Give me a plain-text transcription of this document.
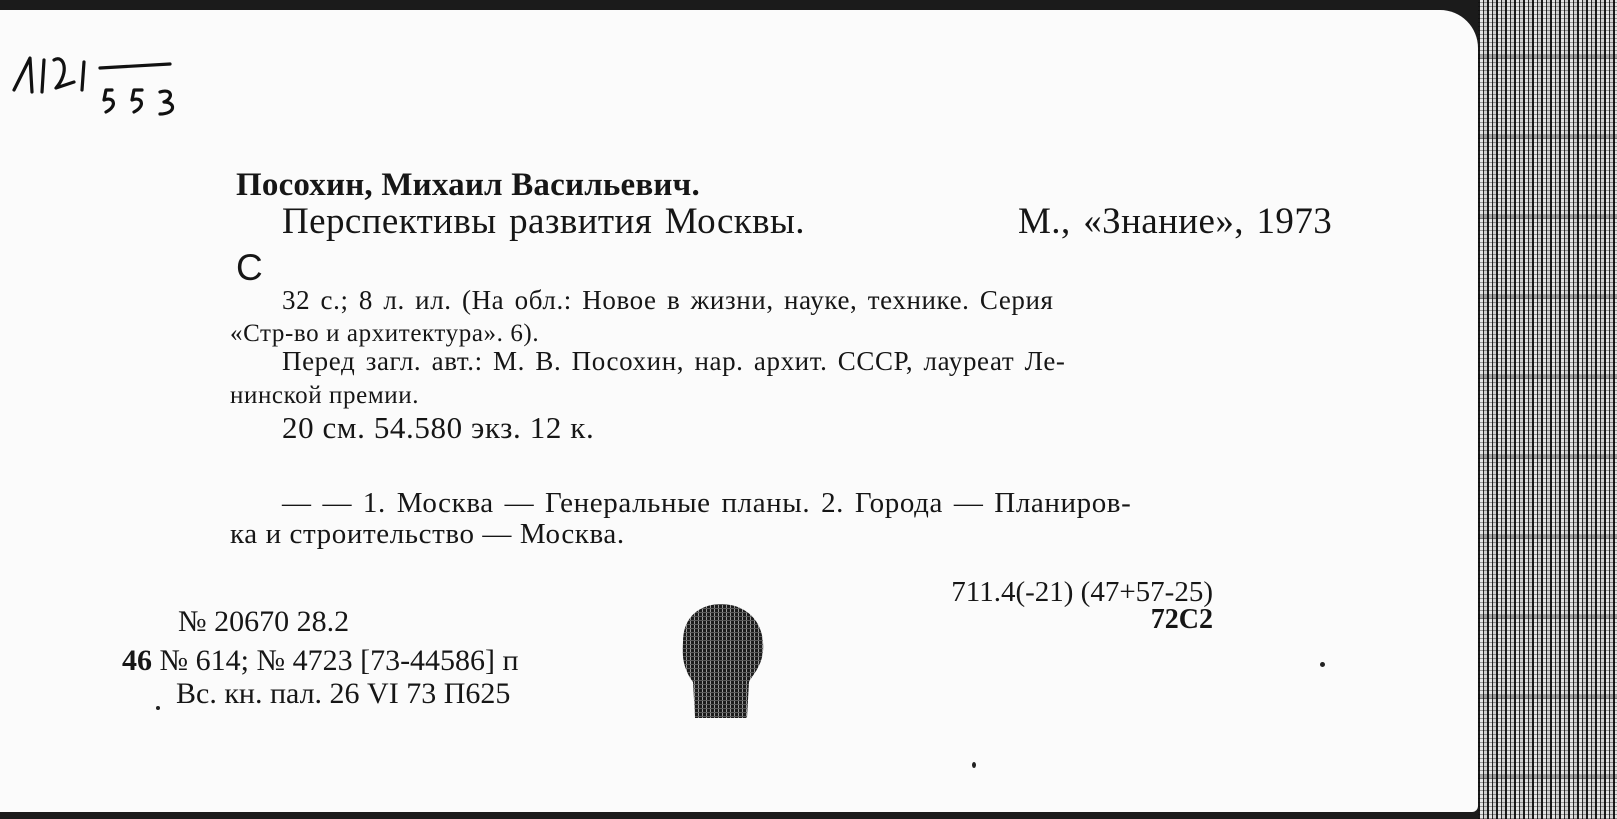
Посохин, Михаил Васильевич.
Перспективы развития Москвы.	М., «Знание», 1973
С
32 с.; 8 л. ил. (На обл.: Новое в жизни, науке, технике. Серия
«Стр-во и архитектура». 6).
Перед загл. авт.: М. В. Посохин, нар. архит. СССР, лауреат Ле-
нинской премии.
20 см. 54.580 экз. 12 к.
— — 1. Москва — Генеральные планы. 2. Города — Планиров-
ка и строительство — Москва.
711.4(-21) (47+57-25)
72С2
№ 20670 28.2
46 № 614; № 4723 [73-44586] п
Вс. кн. пал. 26 VI 73 П625
